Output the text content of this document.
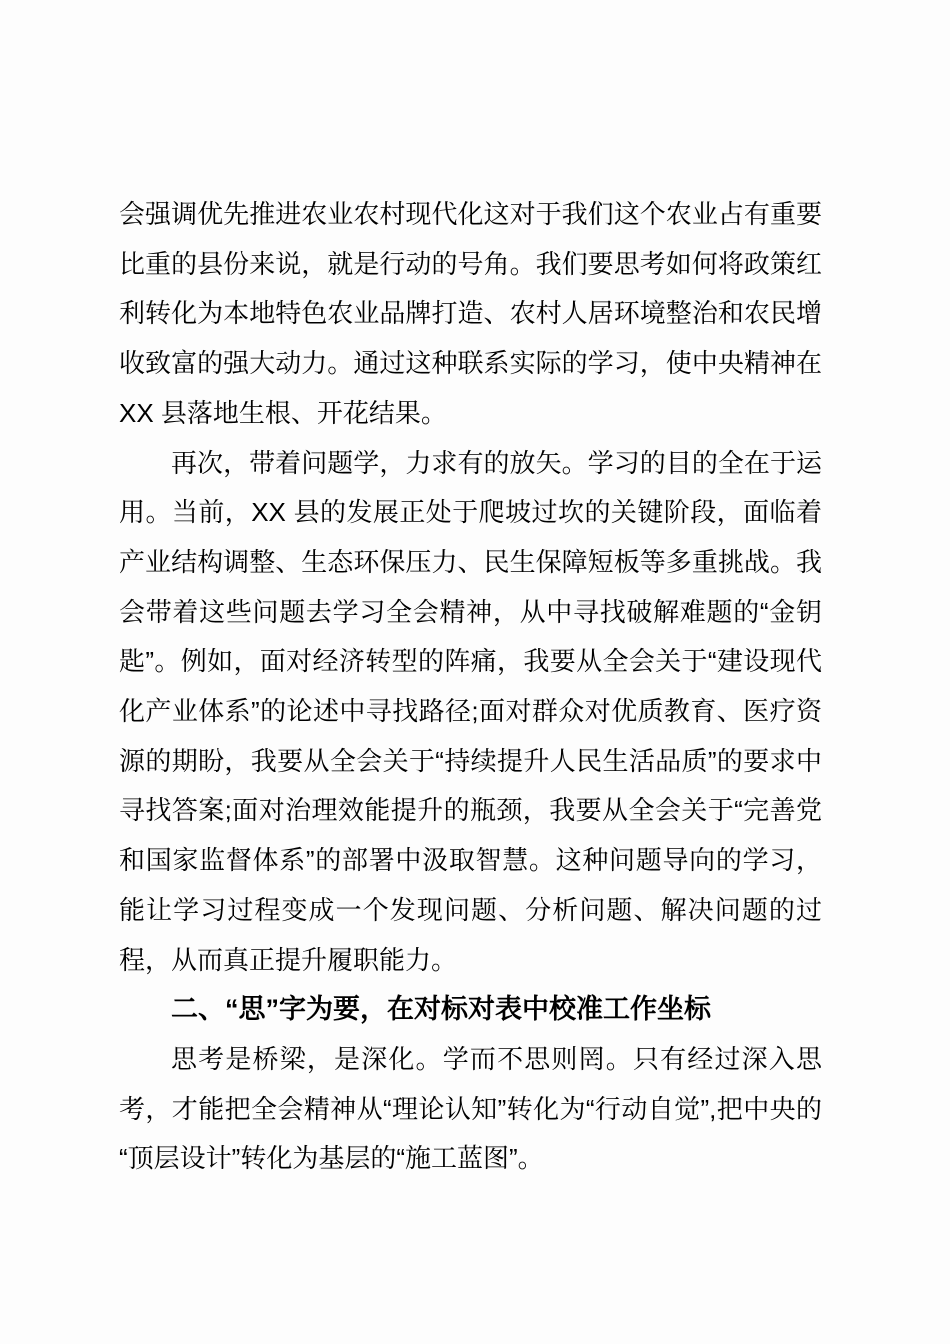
会强调优先推进农业农村现代化这对于我们这个农业占有重要比重的县份来说，就是行动的号角。我们要思考如何将政策红利转化为本地特色农业品牌打造、农村人居环境整治和农民增收致富的强大动力。通过这种联系实际的学习，使中央精神在XX 县落地生根、开花结果。

再次，带着问题学，力求有的放矢。学习的目的全在于运用。当前，XX 县的发展正处于爬坡过坎的关键阶段，面临着产业结构调整、生态环保压力、民生保障短板等多重挑战。我会带着这些问题去学习全会精神，从中寻找破解难题的“金钥匙”。例如，面对经济转型的阵痛，我要从全会关于“建设现代化产业体系”的论述中寻找路径;面对群众对优质教育、医疗资源的期盼，我要从全会关于“持续提升人民生活品质”的要求中寻找答案;面对治理效能提升的瓶颈，我要从全会关于“完善党和国家监督体系”的部署中汲取智慧。这种问题导向的学习，能让学习过程变成一个发现问题、分析问题、解决问题的过程，从而真正提升履职能力。

二、“思”字为要，在对标对表中校准工作坐标

思考是桥梁，是深化。学而不思则罔。只有经过深入思考，才能把全会精神从“理论认知”转化为“行动自觉”,把中央的“顶层设计”转化为基层的“施工蓝图”。
